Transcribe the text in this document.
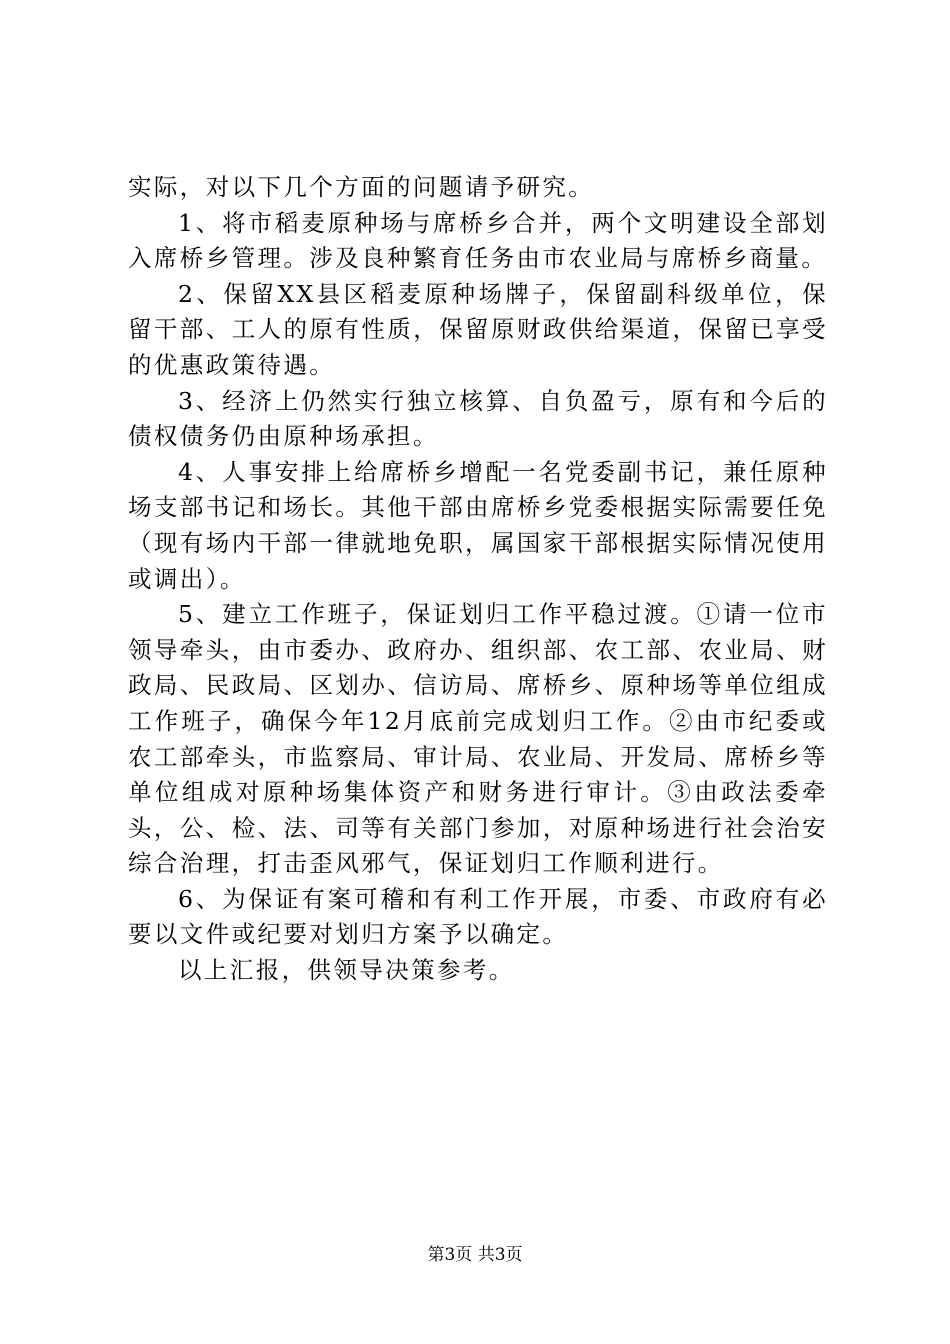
实际，对以下几个方面的问题请予研究。

1、将市稻麦原种场与席桥乡合并，两个文明建设全部划入席桥乡管理。涉及良种繁育任务由市农业局与席桥乡商量。

2、保留XX县区稻麦原种场牌子，保留副科级单位，保留干部、工人的原有性质，保留原财政供给渠道，保留已享受的优惠政策待遇。

3、经济上仍然实行独立核算、自负盈亏，原有和今后的债权债务仍由原种场承担。

4、人事安排上给席桥乡增配一名党委副书记，兼任原种场支部书记和场长。其他干部由席桥乡党委根据实际需要任免（现有场内干部一律就地免职，属国家干部根据实际情况使用或调出）。

5、建立工作班子，保证划归工作平稳过渡。①请一位市领导牵头，由市委办、政府办、组织部、农工部、农业局、财政局、民政局、区划办、信访局、席桥乡、原种场等单位组成工作班子，确保今年12月底前完成划归工作。②由市纪委或农工部牵头，市监察局、审计局、农业局、开发局、席桥乡等单位组成对原种场集体资产和财务进行审计。③由政法委牵头，公、检、法、司等有关部门参加，对原种场进行社会治安综合治理，打击歪风邪气，保证划归工作顺利进行。

6、为保证有案可稽和有利工作开展，市委、市政府有必要以文件或纪要对划归方案予以确定。

以上汇报，供领导决策参考。

第3页 共3页
